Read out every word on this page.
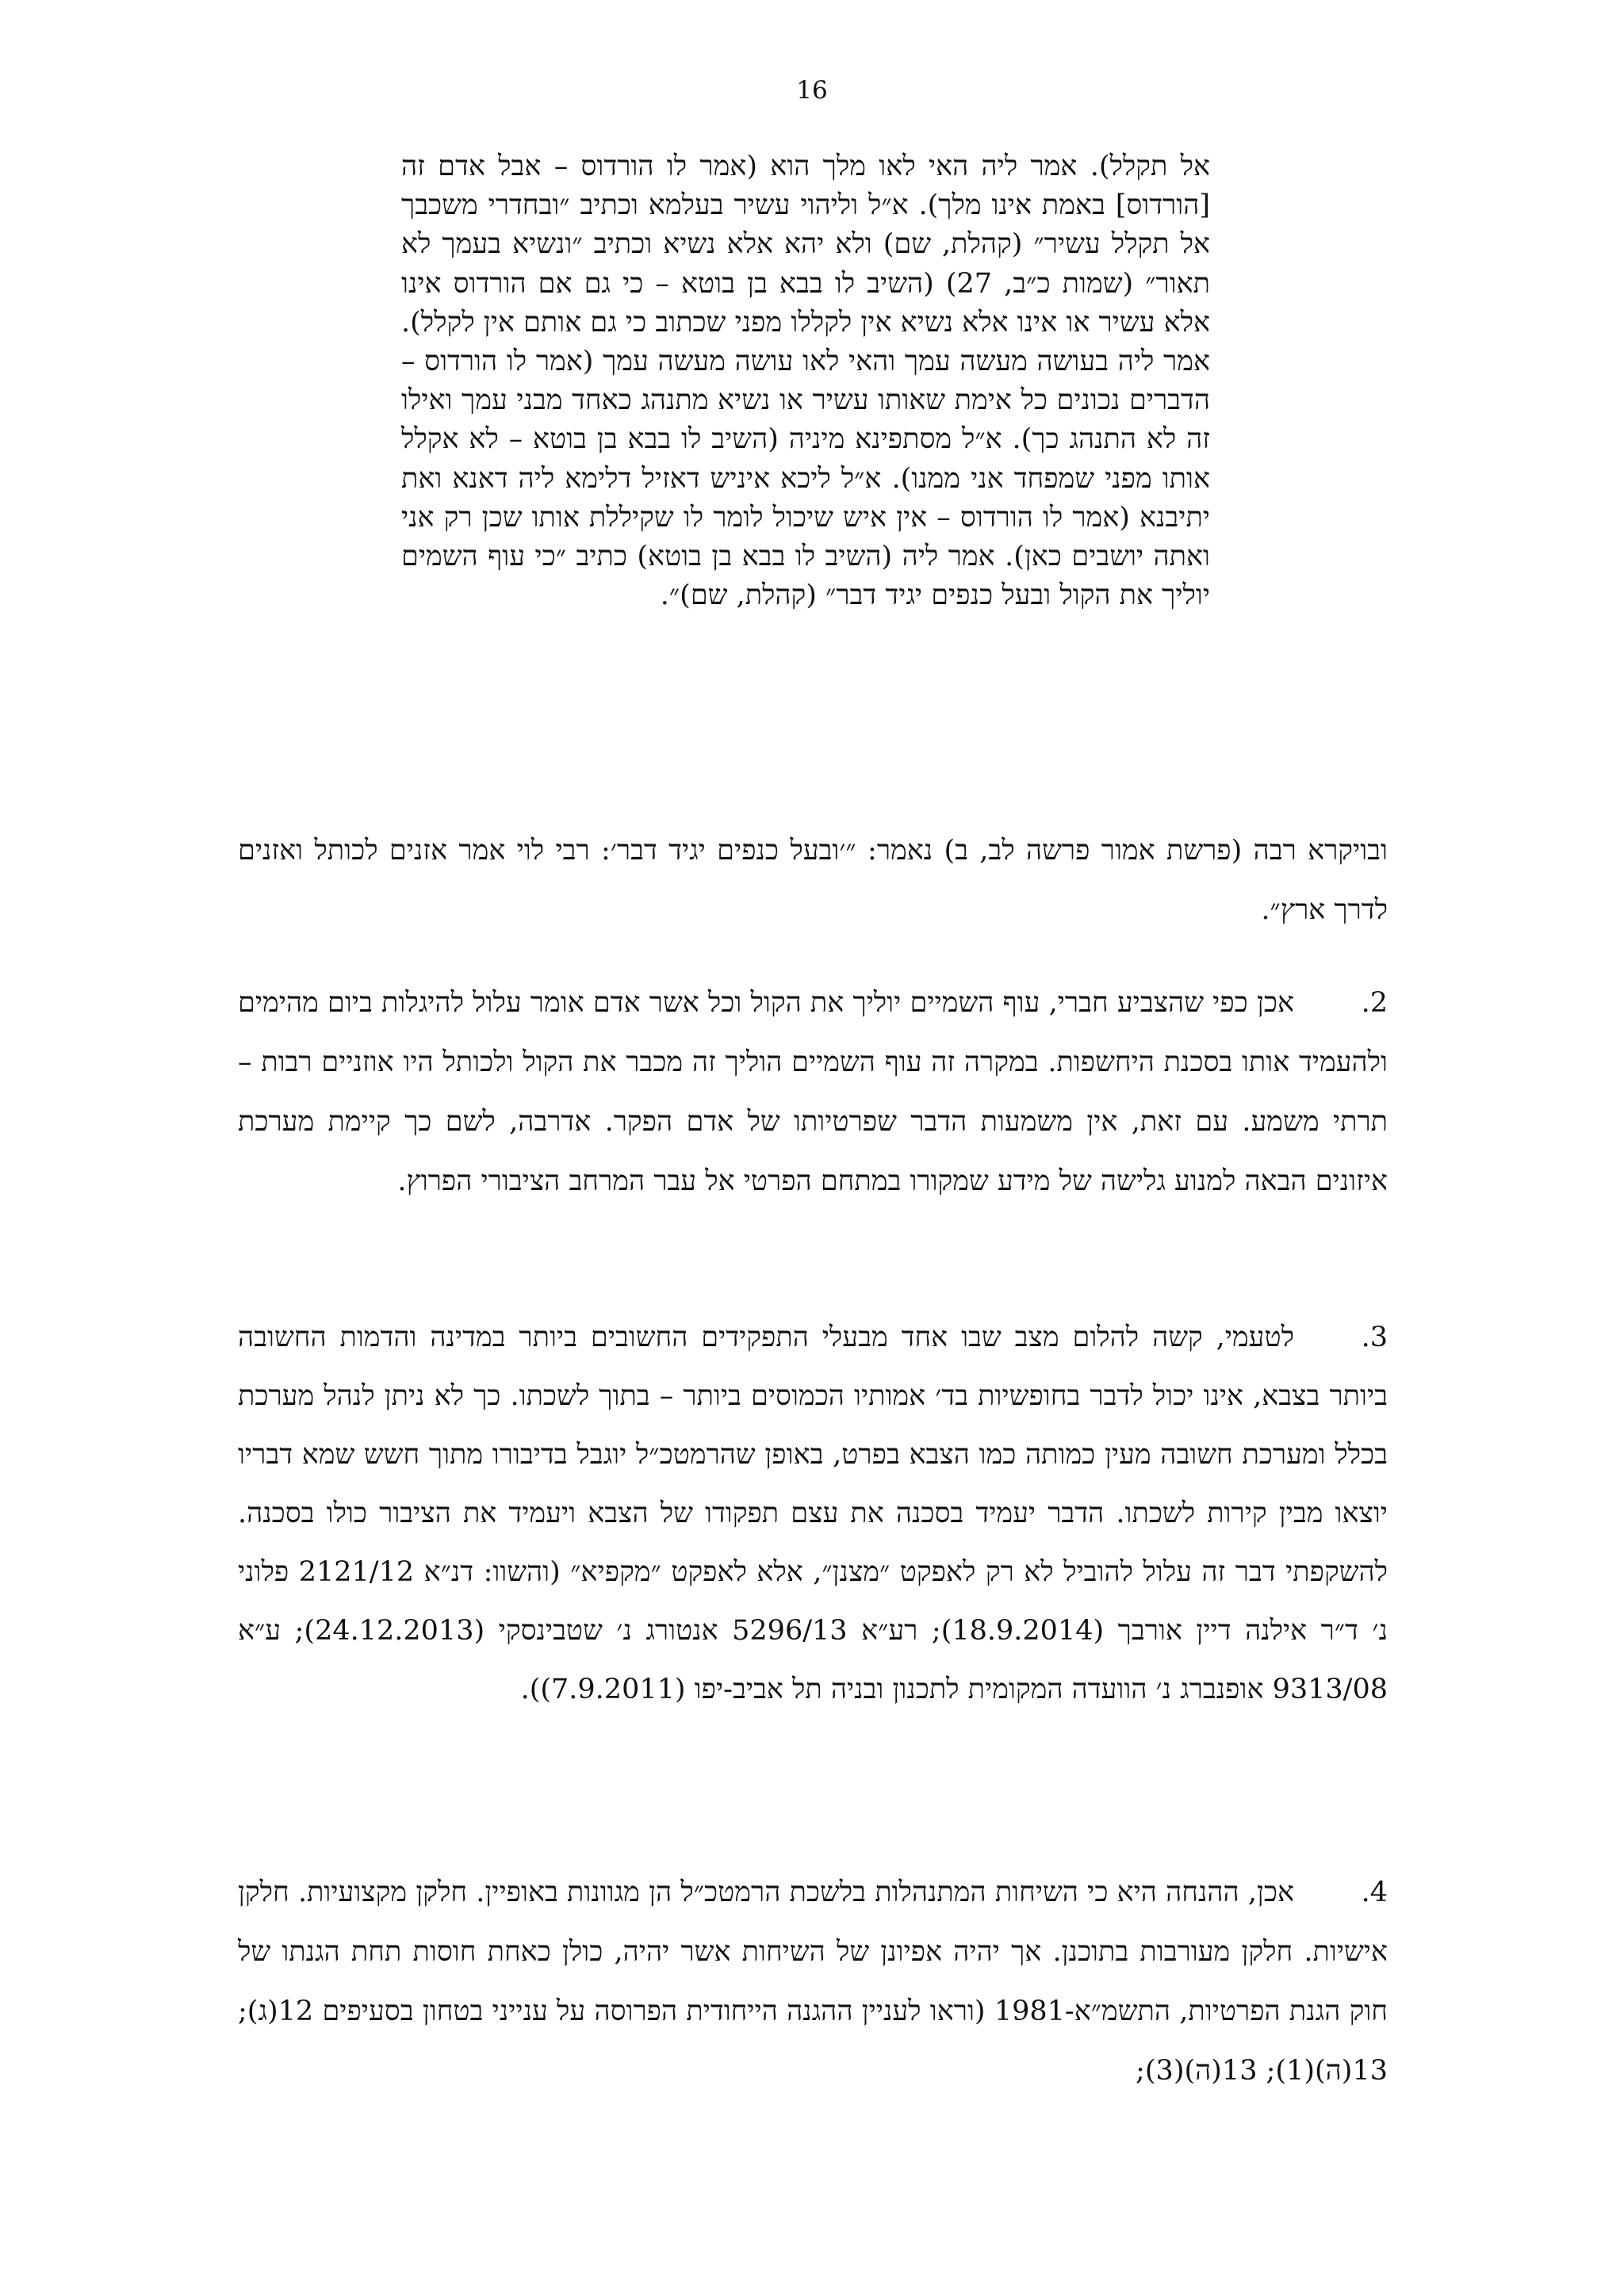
16
אל תקלל). אמר ליה האי לאו מלך הוא (אמר לו הורדוס – אבל אדם זה [הורדוס] באמת אינו מלך). א״ל וליהוי עשיר בעלמא וכתיב ״ובחדרי משכבך אל תקלל עשיר״ (קהלת, שם) ולא יהא אלא נשיא וכתיב ״ונשיא בעמך לא תאור״ (שמות כ״ב, 27) (השיב לו בבא בן בוטא – כי גם אם הורדוס אינו אלא עשיר או אינו אלא נשיא אין לקללו מפני שכתוב כי גם אותם אין לקלל). אמר ליה בעושה מעשה עמך והאי לאו עושה מעשה עמך (אמר לו הורדוס – הדברים נכונים כל אימת שאותו עשיר או נשיא מתנהג כאחד מבני עמך ואילו זה לא התנהג כך). א״ל מסתפינא מיניה (השיב לו בבא בן בוטא – לא אקלל אותו מפני שמפחד אני ממנו). א״ל ליכא איניש דאזיל דלימא ליה דאנא ואת יתיבנא (אמר לו הורדוס – אין איש שיכול לומר לו שקיללת אותו שכן רק אני ואתה יושבים כאן). אמר ליה (השיב לו בבא בן בוטא) כתיב ״כי עוף השמים יוליך את הקול ובעל כנפים יגיד דבר״ (קהלת, שם)״.
ובויקרא רבה (פרשת אמור פרשה לב, ב) נאמר: ״׳ובעל כנפים יגיד דבר׳: רבי לוי אמר אזנים לכותל ואזנים לדרך ארץ״.
2.אכן כפי שהצביע חברי, עוף השמיים יוליך את הקול וכל אשר אדם אומר עלול להיגלות ביום מהימים ולהעמיד אותו בסכנת היחשפות. במקרה זה עוף השמיים הוליך זה מכבר את הקול ולכותל היו אוזניים רבות – תרתי משמע. עם זאת, אין משמעות הדבר שפרטיותו של אדם הפקר. אדרבה, לשם כך קיימת מערכת איזונים הבאה למנוע גלישה של מידע שמקורו במתחם הפרטי אל עבר המרחב הציבורי הפרוץ.
3.לטעמי, קשה להלום מצב שבו אחד מבעלי התפקידים החשובים ביותר במדינה והדמות החשובה ביותר בצבא, אינו יכול לדבר בחופשיות בד׳ אמותיו הכמוסים ביותר – בתוך לשכתו. כך לא ניתן לנהל מערכת בכלל ומערכת חשובה מעין כמותה כמו הצבא בפרט, באופן שהרמטכ״ל יוגבל בדיבורו מתוך חשש שמא דבריו יוצאו מבין קירות לשכתו. הדבר יעמיד בסכנה את עצם תפקודו של הצבא ויעמיד את הציבור כולו בסכנה. להשקפתי דבר זה עלול להוביל לא רק לאפקט ״מצנן״, אלא לאפקט ״מקפיא״ (והשוו: דנ״א 2121/12 פלוני נ׳ ד״ר אילנה דיין אורבך (18.9.2014); רע״א 5296/13 אנטורג נ׳ שטבינסקי (24.12.2013); ע״א 9313/08 אופנברג נ׳ הוועדה המקומית לתכנון ובניה תל אביב-יפו (7.9.2011)).
4.אכן, ההנחה היא כי השיחות המתנהלות בלשכת הרמטכ״ל הן מגוונות באופיין. חלקן מקצועיות. חלקן אישיות. חלקן מעורבות בתוכנן. אך יהיה אפיונן של השיחות אשר יהיה, כולן כאחת חוסות תחת הגנתו של חוק הגנת הפרטיות, התשמ״א-1981 (וראו לעניין ההגנה הייחודית הפרוסה על ענייני בטחון בסעיפים 12(ג); 13(ה)(1); 13(ה)(3);
